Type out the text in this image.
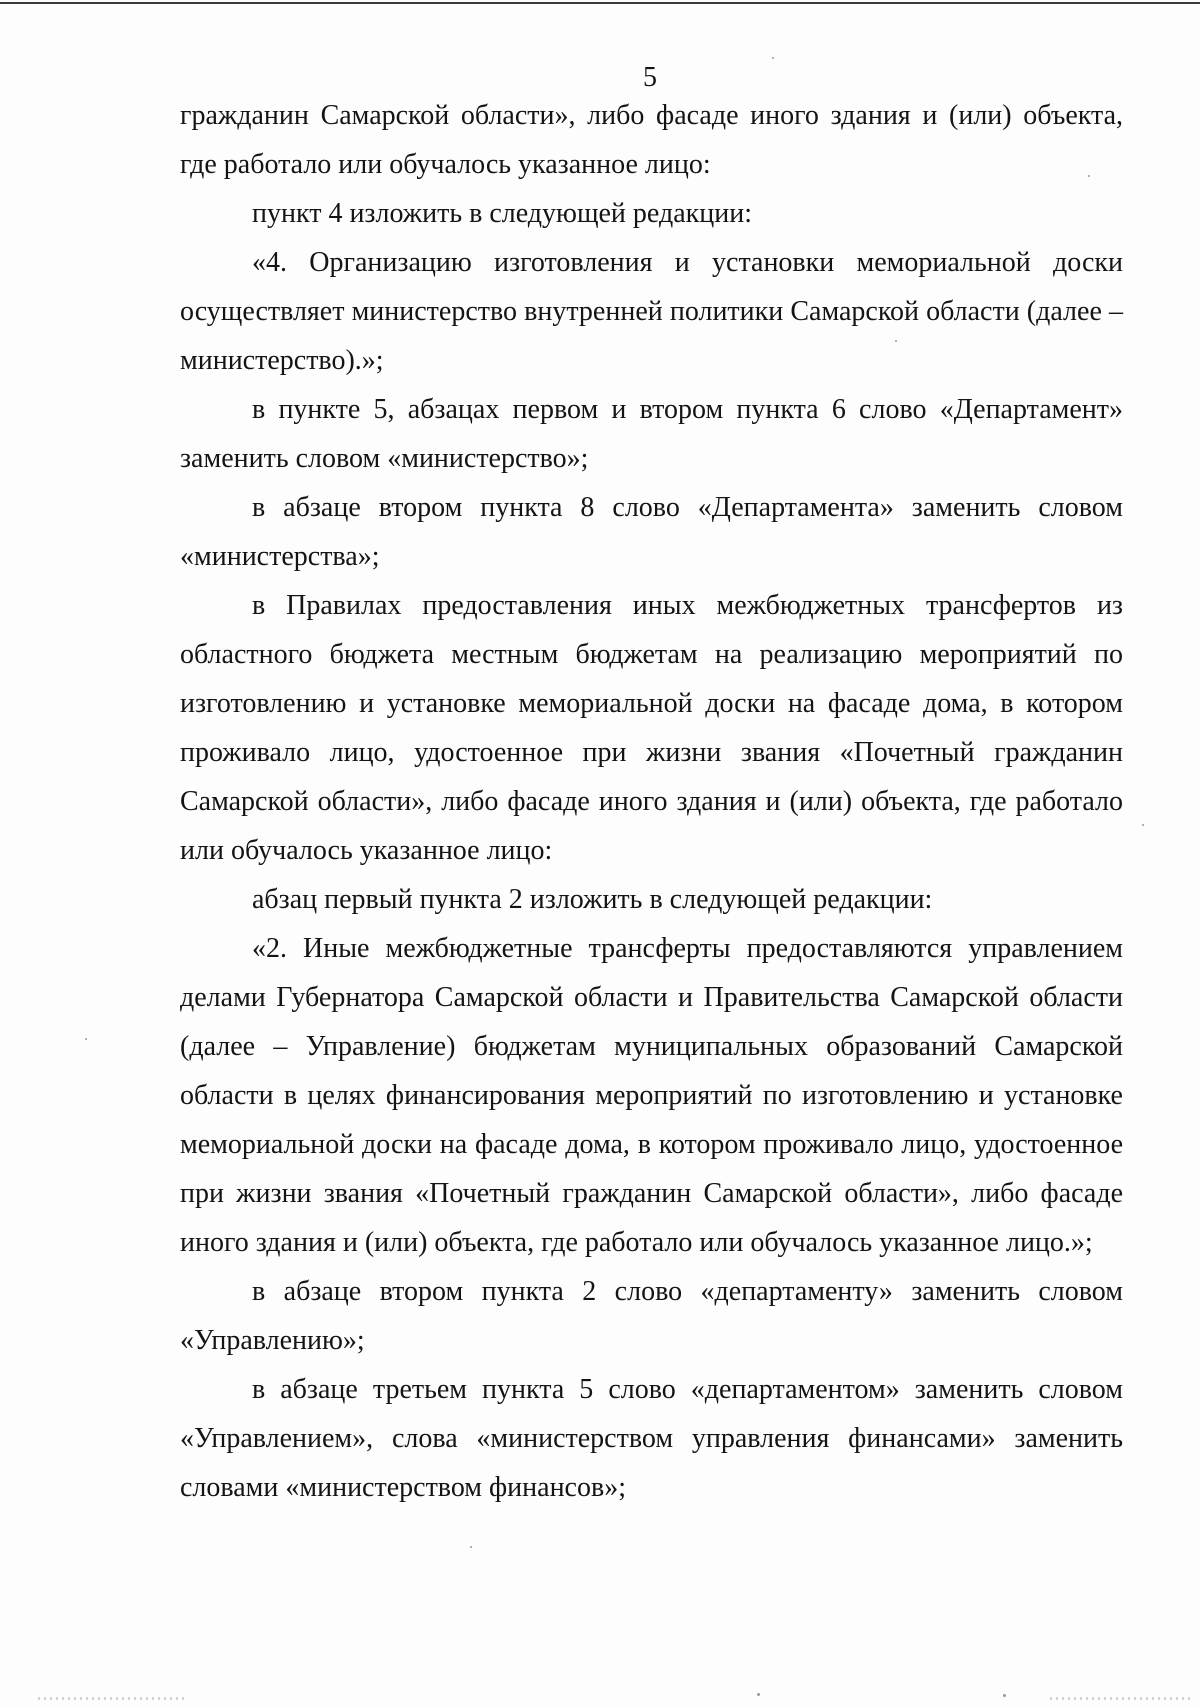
5

гражданин Самарской области», либо фасаде иного здания и (или) объекта, где работало или обучалось указанное лицо:

пункт 4 изложить в следующей редакции:

«4. Организацию изготовления и установки мемориальной доски осуществляет министерство внутренней политики Самарской области (далее – министерство).»;

в пункте 5, абзацах первом и втором пункта 6 слово «Департамент» заменить словом «министерство»;

в абзаце втором пункта 8 слово «Департамента» заменить словом «министерства»;

в Правилах предоставления иных межбюджетных трансфертов из областного бюджета местным бюджетам на реализацию мероприятий по изготовлению и установке мемориальной доски на фасаде дома, в котором проживало лицо, удостоенное при жизни звания «Почетный гражданин Самарской области», либо фасаде иного здания и (или) объекта, где работало или обучалось указанное лицо:

абзац первый пункта 2 изложить в следующей редакции:

«2. Иные межбюджетные трансферты предоставляются управлением делами Губернатора Самарской области и Правительства Самарской области (далее – Управление) бюджетам муниципальных образований Самарской области в целях финансирования мероприятий по изготовлению и установке мемориальной доски на фасаде дома, в котором проживало лицо, удостоенное при жизни звания «Почетный гражданин Самарской области», либо фасаде иного здания и (или) объекта, где работало или обучалось указанное лицо.»;

в абзаце втором пункта 2 слово «департаменту» заменить словом «Управлению»;

в абзаце третьем пункта 5 слово «департаментом» заменить словом «Управлением», слова «министерством управления финансами» заменить словами «министерством финансов»;
